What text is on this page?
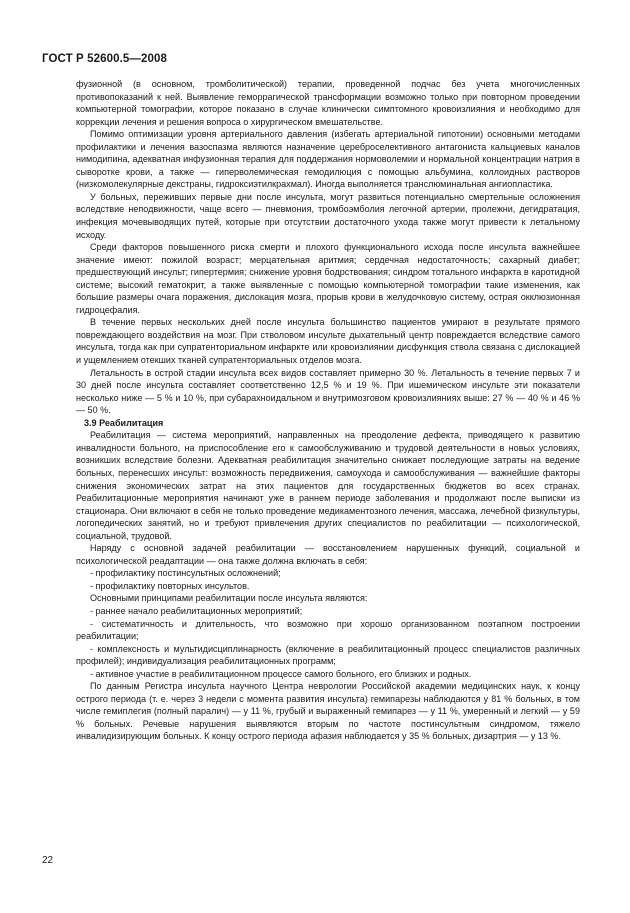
ГОСТ Р 52600.5—2008

фузионной (в основном, тромболитической) терапии, проведенной подчас без учета многочисленных противопоказаний к ней. Выявление геморрагической трансформации возможно только при повторном проведении компьютерной томографии, которое показано в случае клинически симптомного кровоизлияния и необходимо для коррекции лечения и решения вопроса о хирургическом вмешательстве.

Помимо оптимизации уровня артериального давления (избегать артериальной гипотонии) основными методами профилактики и лечения вазоспазма являются назначение цереброселективного антагониста кальциевых каналов нимодипина, адекватная инфузионная терапия для поддержания нормоволемии и нормальной концентрации натрия в сыворотке крови, а также — гиперволемическая гемодилюция с помощью альбумина, коллоидных растворов (низкомолекулярные декстраны, гидроксиэтилкрахмал). Иногда выполняется транслюминальная ангиопластика.

У больных, переживших первые дни после инсульта, могут развиться потенциально смертельные осложнения вследствие неподвижности, чаще всего — пневмония, тромбоэмболия легочной артерии, пролежни, дегидратация, инфекция мочевыводящих путей, которые при отсутствии достаточного ухода также могут привести к летальному исходу.

Среди факторов повышенного риска смерти и плохого функционального исхода после инсульта важнейшее значение имеют: пожилой возраст; мерцательная аритмия; сердечная недостаточность; сахарный диабет; предшествующий инсульт; гипертермия; снижение уровня бодрствования; синдром тотального инфаркта в каротидной системе; высокий гематокрит, а также выявленные с помощью компьютерной томографии такие изменения, как большие размеры очага поражения, дислокация мозга, прорыв крови в желудочковую систему, острая окклюзионная гидроцефалия.

В течение первых нескольких дней после инсульта большинство пациентов умирают в результате прямого повреждающего воздействия на мозг. При стволовом инсульте дыхательный центр повреждается вследствие самого инсульта, тогда как при супратенториальном инфаркте или кровоизлиянии дисфункция ствола связана с дислокацией и ущемлением отекших тканей супратенториальных отделов мозга.

Летальность в острой стадии инсульта всех видов составляет примерно 30 %. Летальность в течение первых 7 и 30 дней после инсульта составляет соответственно 12,5 % и 19 %. При ишемическом инсульте эти показатели несколько ниже — 5 % и 10 %, при субарахноидальном и внутримозговом кровоизлияниях выше: 27 % — 40 % и 46 % — 50 %.

3.9 Реабилитация

Реабилитация — система мероприятий, направленных на преодоление дефекта, приводящего к развитию инвалидности больного, на приспособление его к самообслуживанию и трудовой деятельности в новых условиях, возникших вследствие болезни. Адекватная реабилитация значительно снижает последующие затраты на ведение больных, перенесших инсульт: возможность передвижения, самоухода и самообслуживания — важнейшие факторы снижения экономических затрат на этих пациентов для государственных бюджетов во всех странах. Реабилитационные мероприятия начинают уже в раннем периоде заболевания и продолжают после выписки из стационара. Они включают в себя не только проведение медикаментозного лечения, массажа, лечебной физкультуры, логопедических занятий, но и требуют привлечения других специалистов по реабилитации — психологической, социальной, трудовой.

Наряду с основной задачей реабилитации — восстановлением нарушенных функций, социальной и психологической реадаптации — она также должна включать в себя:

- профилактику постинсультных осложнений;

- профилактику повторных инсультов.

Основными принципами реабилитации после инсульта являются:

- раннее начало реабилитационных мероприятий;

- систематичность и длительность, что возможно при хорошо организованном поэтапном построении реабилитации;

- комплексность и мультидисциплинарность (включение в реабилитационный процесс специалистов различных профилей); индивидуализация реабилитационных программ;

- активное участие в реабилитационном процессе самого больного, его близких и родных.

По данным Регистра инсульта научного Центра неврологии Российской академии медицинских наук, к концу острого периода (т. е. через 3 недели с момента развития инсульта) гемипарезы наблюдаются у 81 % больных, в том числе гемиплегия (полный паралич) — у 11 %, грубый и выраженный гемипарез — у 11 %, умеренный и легкий — у 59 % больных. Речевые нарушения выявляются вторым по частоте постинсультным синдромом, тяжело инвалидизирующим больных. К концу острого периода афазия наблюдается у 35 % больных, дизартрия — у 13 %.

22
